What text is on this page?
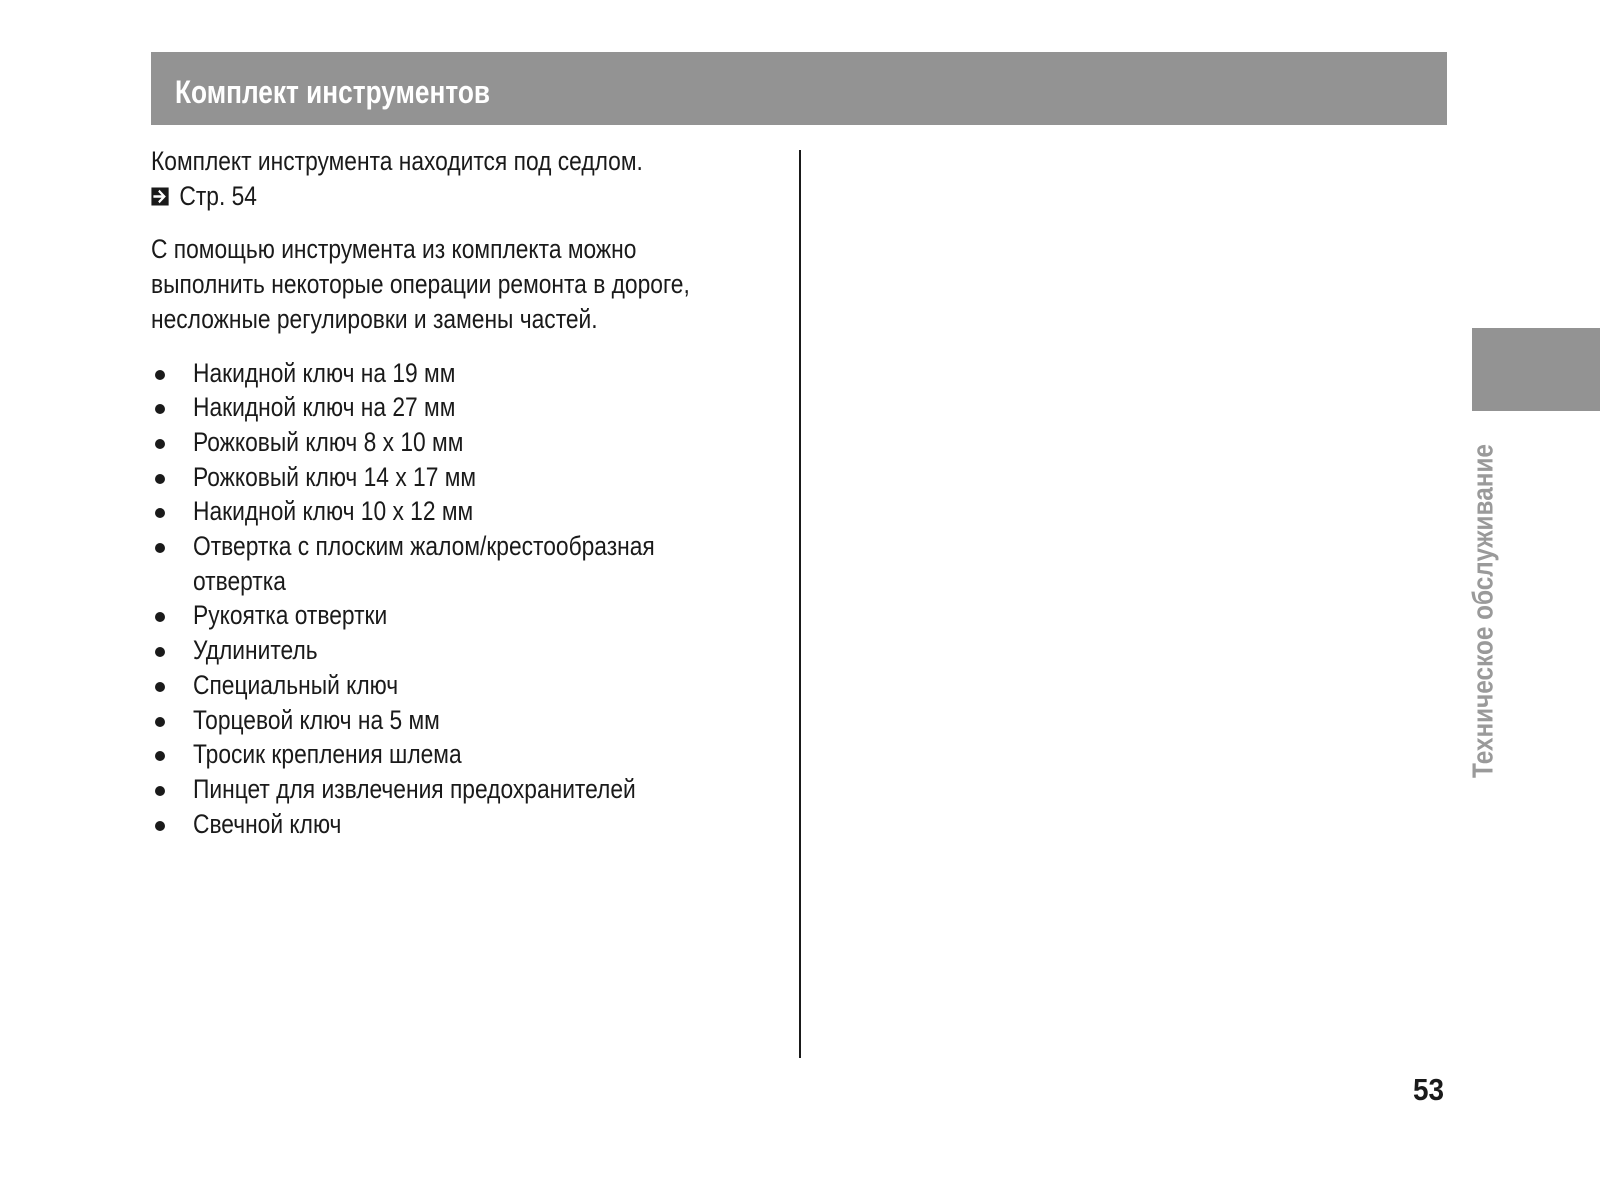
Комплект инструментов

Комплект инструмента находится под седлом.

Стр. 54

С помощью инструмента из комплекта можно

выполнить некоторые операции ремонта в дороге,

несложные регулировки и замены частей.

Накидной ключ на 19 мм
Накидной ключ на 27 мм
Рожковый ключ 8 x 10 мм
Рожковый ключ 14 x 17 мм
Накидной ключ 10 x 12 мм
Отвертка с плоским жалом/крестообразная
отвертка
Рукоятка отвертки
Удлинитель
Специальный ключ
Торцевой ключ на 5 мм
Тросик крепления шлема
Пинцет для извлечения предохранителей
Свечной ключ
Техническое обслуживание
53
